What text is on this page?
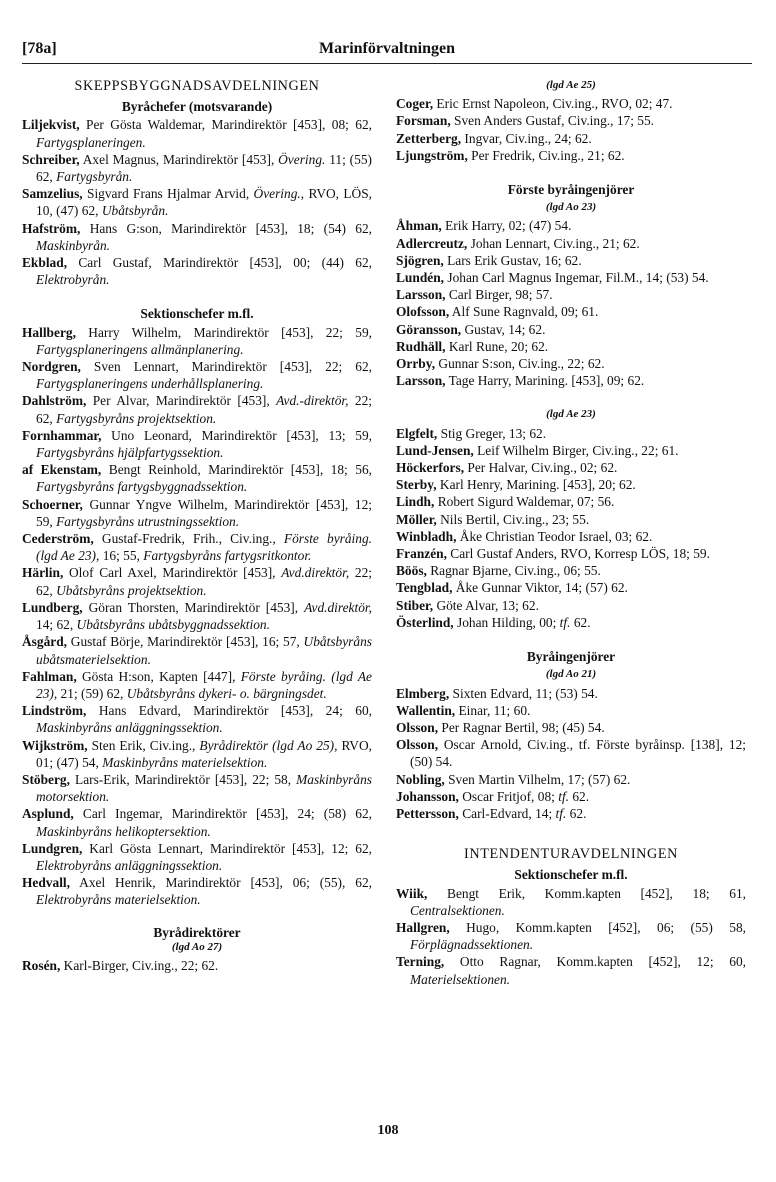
[78a]	Marinförvaltningen
SKEPPSBYGGNADSAVDELNINGEN
Byråchefer (motsvarande)

Liljekvist, Per Gösta Waldemar, Marindirektör [453], 08; 62, Fartygsplaneringen.

Schreiber, Axel Magnus, Marindirektör [453], Övering. 11; (55) 62, Fartygsbyrån.

Samzelius, Sigvard Frans Hjalmar Arvid, Övering., RVO, LÖS, 10, (47) 62, Ubåtsbyrån.

Hafström, Hans G:son, Marindirektör [453], 18; (54) 62, Maskinbyrån.

Ekblad, Carl Gustaf, Marindirektör [453], 00; (44) 62, Elektrobyrån.

Sektionschefer m.fl.

Hallberg, Harry Wilhelm, Marindirektör [453], 22; 59, Fartygsplaneringens allmänplanering.

Nordgren, Sven Lennart, Marindirektör [453], 22; 62, Fartygsplaneringens underhållsplanering.

Dahlström, Per Alvar, Marindirektör [453], Avd.-direktör, 22; 62, Fartygsbyråns projektsektion.

Fornhammar, Uno Leonard, Marindirektör [453], 13; 59, Fartygsbyråns hjälpfartygssektion.

af Ekenstam, Bengt Reinhold, Marindirektör [453], 18; 56, Fartygsbyråns fartygsbyggnadssektion.

Schoerner, Gunnar Yngve Wilhelm, Marindirektör [453], 12; 59, Fartygsbyråns utrustningssektion.

Cederström, Gustaf-Fredrik, Frih., Civ.ing., Förste byråing. (lgd Ae 23), 16; 55, Fartygsbyråns fartygsritkontor.

Härlin, Olof Carl Axel, Marindirektör [453], Avd.direktör, 22; 62, Ubåtsbyråns projektsektion.

Lundberg, Göran Thorsten, Marindirektör [453], Avd.direktör, 14; 62, Ubåtsbyråns ubåtsbyggnadssektion.

Åsgård, Gustaf Börje, Marindirektör [453], 16; 57, Ubåtsbyråns ubåtsmaterielsektion.

Fahlman, Gösta H:son, Kapten [447], Förste byråing. (lgd Ae 23), 21; (59) 62, Ubåtsbyråns dykeri- o. bärgningsdet.

Lindström, Hans Edvard, Marindirektör [453], 24; 60, Maskinbyråns anläggningssektion.

Wijkström, Sten Erik, Civ.ing., Byrådirektör (lgd Ao 25), RVO, 01; (47) 54, Maskinbyråns materielsektion.

Stöberg, Lars-Erik, Marindirektör [453], 22; 58, Maskinbyråns motorsektion.

Asplund, Carl Ingemar, Marindirektör [453], 24; (58) 62, Maskinbyråns helikoptersektion.

Lundgren, Karl Gösta Lennart, Marindirektör [453], 12; 62, Elektrobyråns anläggningssektion.

Hedvall, Axel Henrik, Marindirektör [453], 06; (55), 62, Elektrobyråns materielsektion.

Byrådirektörer
(lgd Ao 27)

Rosén, Karl-Birger, Civ.ing., 22; 62.

(lgd Ae 25)

Coger, Eric Ernst Napoleon, Civ.ing., RVO, 02; 47.

Forsman, Sven Anders Gustaf, Civ.ing., 17; 55.

Zetterberg, Ingvar, Civ.ing., 24; 62.

Ljungström, Per Fredrik, Civ.ing., 21; 62.

Förste byråingenjörer
(lgd Ao 23)

Åhman, Erik Harry, 02; (47) 54.

Adlercreutz, Johan Lennart, Civ.ing., 21; 62.

Sjögren, Lars Erik Gustav, 16; 62.

Lundén, Johan Carl Magnus Ingemar, Fil.M., 14; (53) 54.

Larsson, Carl Birger, 98; 57.

Olofsson, Alf Sune Ragnvald, 09; 61.

Göransson, Gustav, 14; 62.

Rudhäll, Karl Rune, 20; 62.

Orrby, Gunnar S:son, Civ.ing., 22; 62.

Larsson, Tage Harry, Marining. [453], 09; 62.

(lgd Ae 23)

Elgfelt, Stig Greger, 13; 62.

Lund-Jensen, Leif Wilhelm Birger, Civ.ing., 22; 61.

Höckerfors, Per Halvar, Civ.ing., 02; 62.

Sterby, Karl Henry, Marining. [453], 20; 62.

Lindh, Robert Sigurd Waldemar, 07; 56.

Möller, Nils Bertil, Civ.ing., 23; 55.

Winbladh, Åke Christian Teodor Israel, 03; 62.

Franzén, Carl Gustaf Anders, RVO, Korresp LÖS, 18; 59.

Böös, Ragnar Bjarne, Civ.ing., 06; 55.

Tengblad, Åke Gunnar Viktor, 14; (57) 62.

Stiber, Göte Alvar, 13; 62.

Österlind, Johan Hilding, 00; tf. 62.

Byråingenjörer
(lgd Ao 21)

Elmberg, Sixten Edvard, 11; (53) 54.

Wallentin, Einar, 11; 60.

Olsson, Per Ragnar Bertil, 98; (45) 54.

Olsson, Oscar Arnold, Civ.ing., tf. Förste byråinsp. [138], 12; (50) 54.

Nobling, Sven Martin Vilhelm, 17; (57) 62.

Johansson, Oscar Fritjof, 08; tf. 62.

Pettersson, Carl-Edvard, 14; tf. 62.

INTENDENTURAVDELNINGEN
Sektionschefer m.fl.

Wiik, Bengt Erik, Komm.kapten [452], 18; 61, Centralsektionen.

Hallgren, Hugo, Komm.kapten [452], 06; (55) 58, Förplägnadssektionen.

Terning, Otto Ragnar, Komm.kapten [452], 12; 60, Materielsektionen.

108
